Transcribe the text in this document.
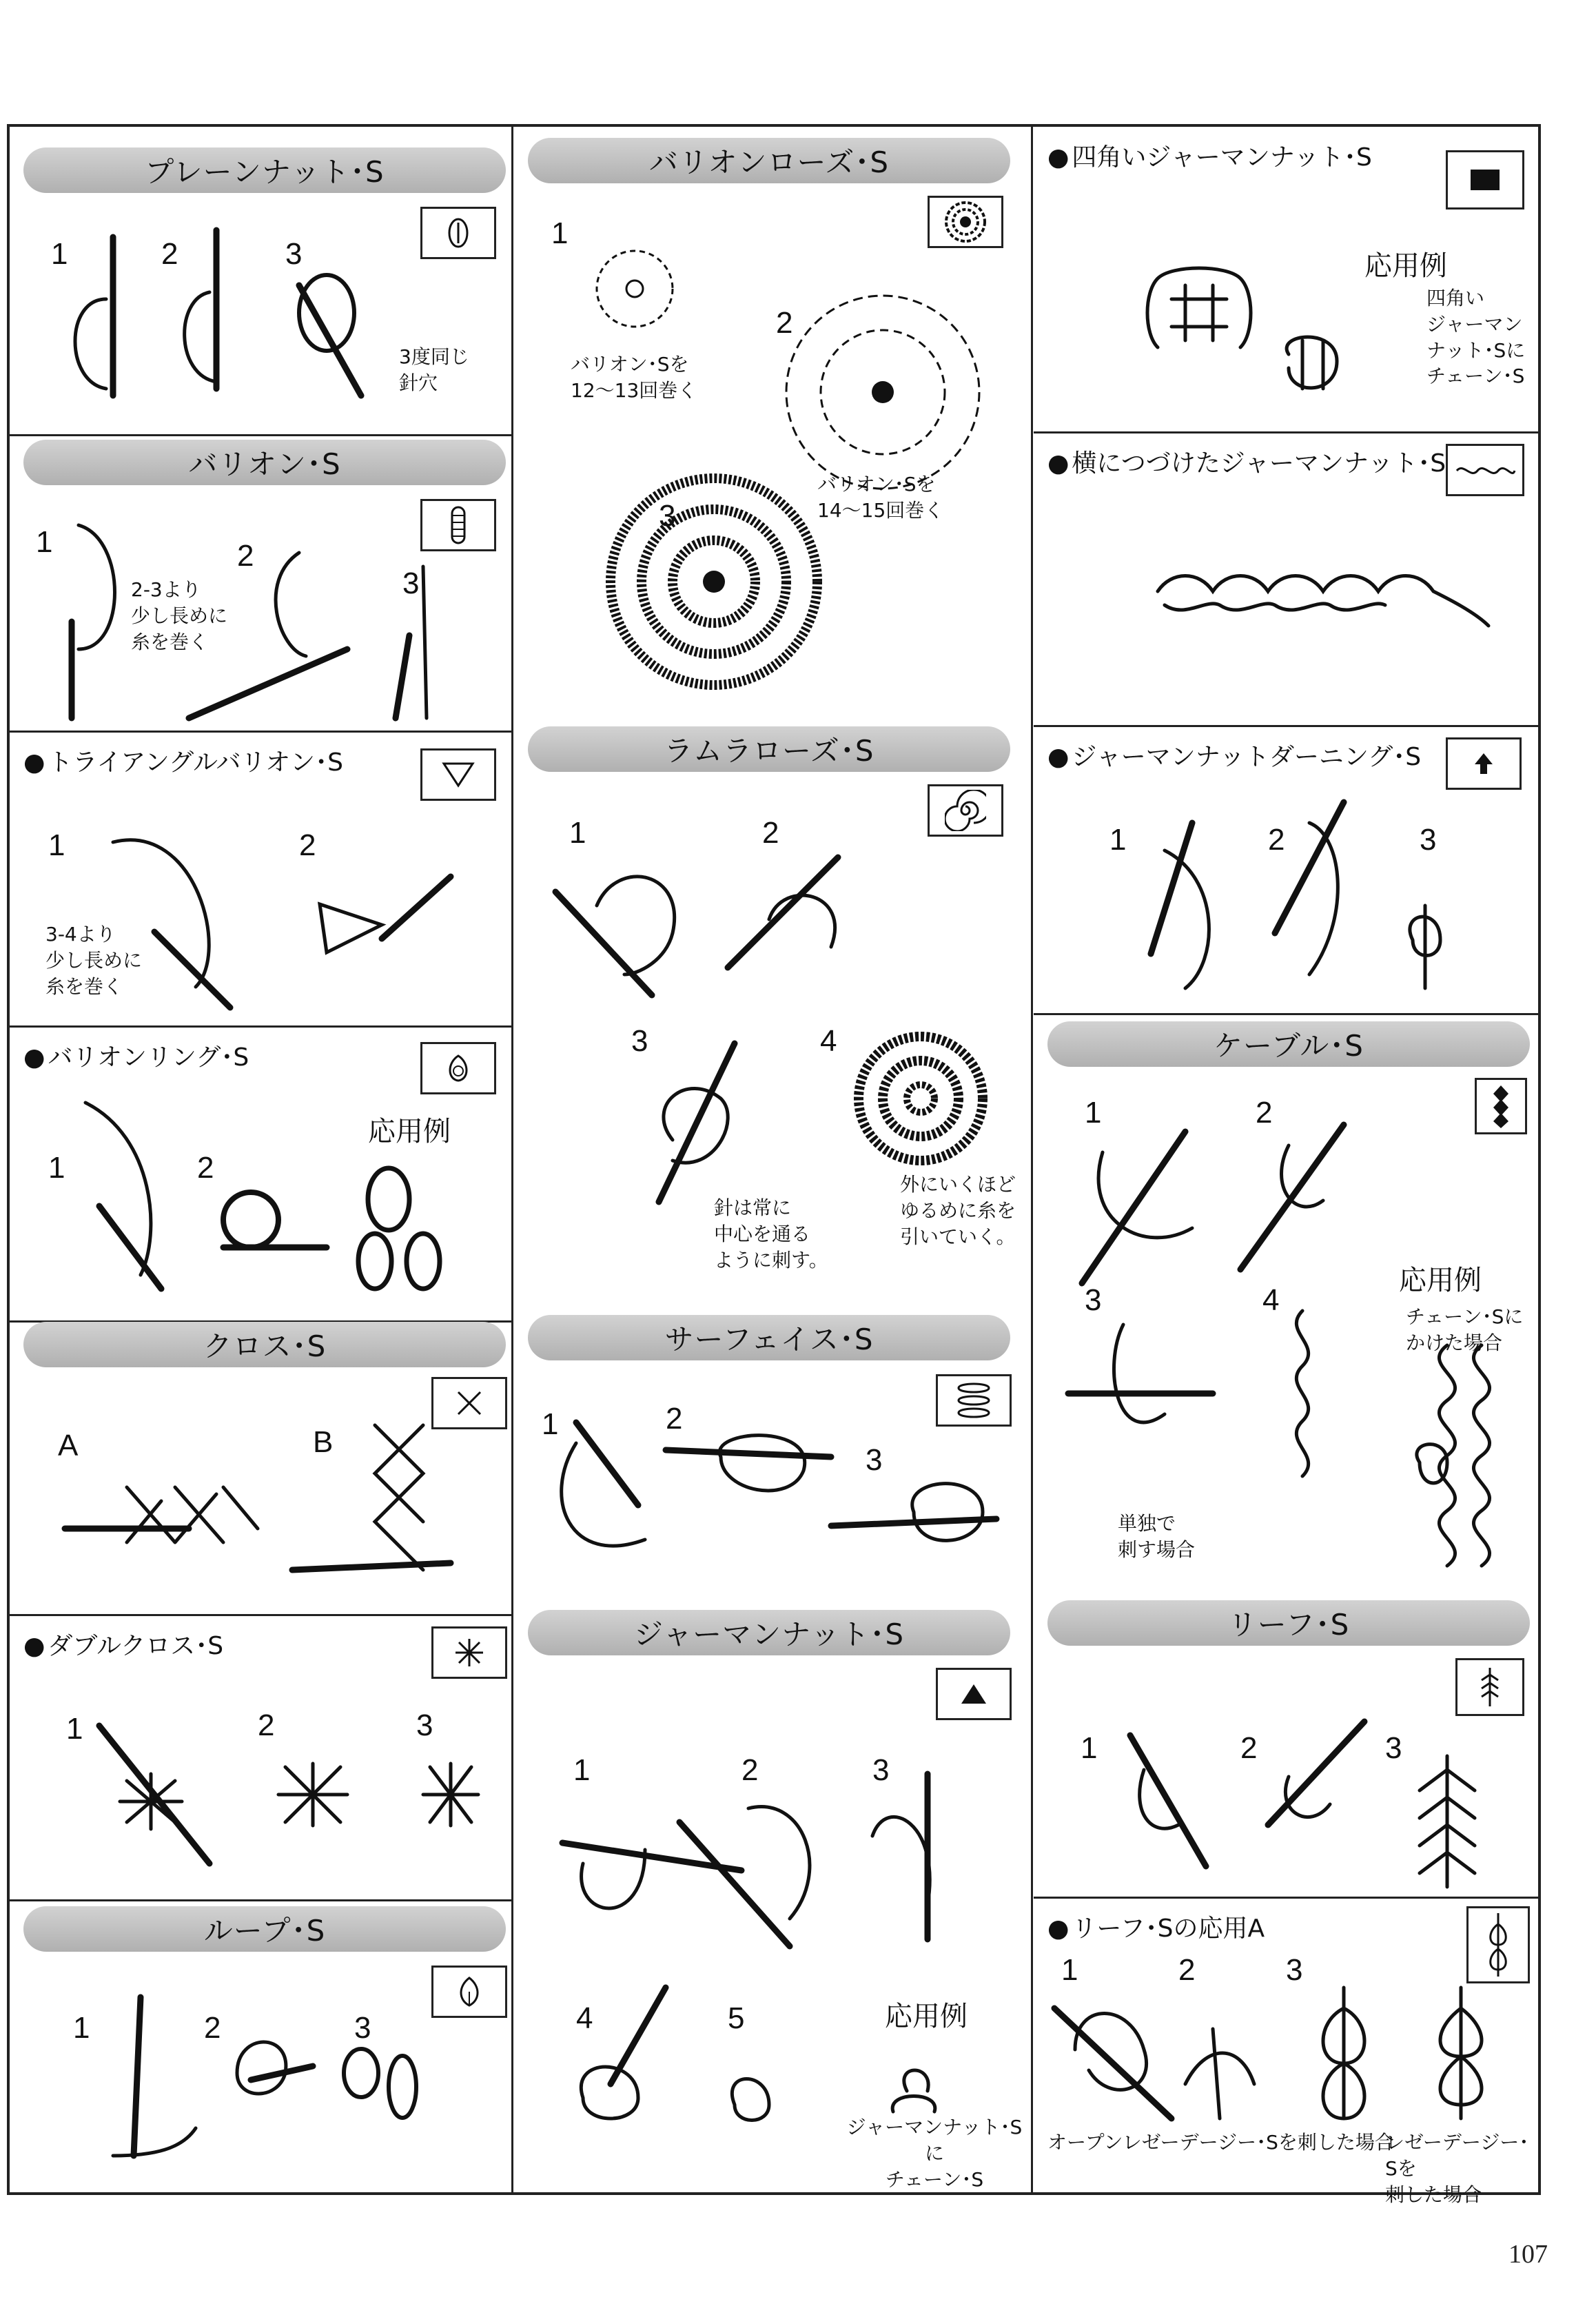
プレーンナット･S
1	2	3
3度同じ
針穴
バリオン･S
1	2
3
2-3より
少し長めに
糸を巻く
● トライアングルバリオン･S
1	2
3-4より
少し長めに
糸を巻く
● バリオンリング･S
1	2
応用例
クロス･S
A	B
● ダブルクロス･S
1	2	3
ループ･S
1	2	3
バリオンローズ･S
1
2
3
バリオン･Sを
12〜13回巻く
バリオン･Sを
14〜15回巻く
ラムラローズ･S
1	2
3	4
針は常に
中心を通る
ように刺す。
外にいくほど
ゆるめに糸を
引いていく。
サーフェイス･S
1	2
3
ジャーマンナット･S
1	2	3
4	5	応用例
ジャーマンナット･Sに
チェーン･S
● 四角いジャーマンナット･S
応用例
四角い
ジャーマン
ナット･Sに
チェーン･S
● 横につづけたジャーマンナット･S
● ジャーマンナットダーニング･S
1	2	3
ケーブル･S
1	2
3	4
応用例
チェーン･Sに
かけた場合
単独で
刺す場合
リーフ･S
1	2	3
● リーフ･Sの応用A
1	2	3
オープンレゼーデージー･Sを刺した場合
レゼーデージー･Sを
刺した場合
107
